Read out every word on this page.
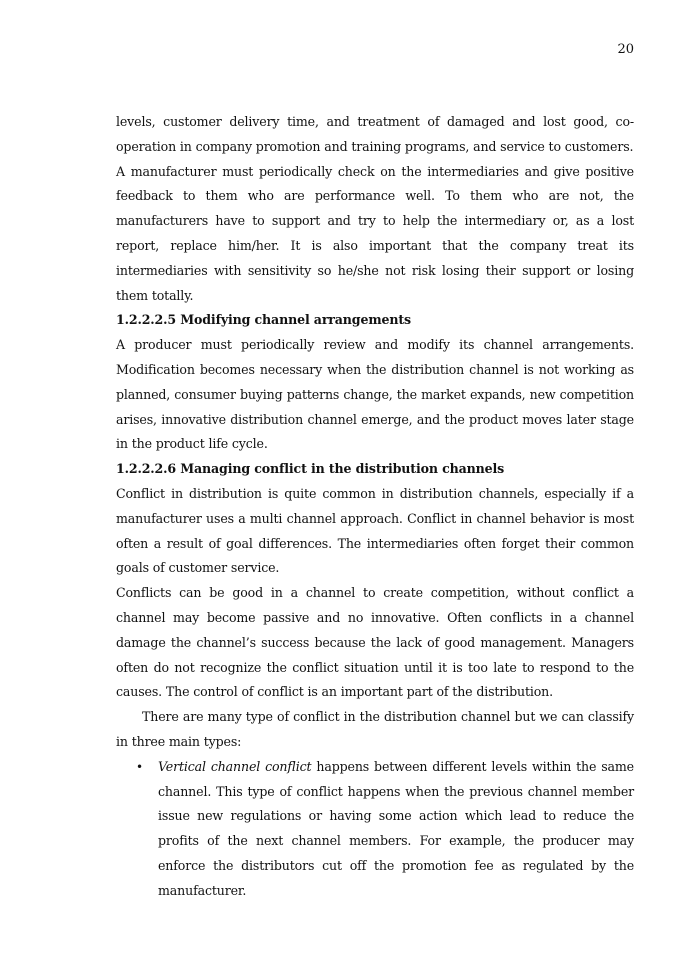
20

levels, customer delivery time, and treatment of damaged and lost good, co-operation in company promotion and training programs, and service to customers.

A manufacturer must periodically check on the intermediaries and give positive feedback to them who are performance well. To them who are not, the manufacturers have to support and try to help the intermediary or, as a lost report, replace him/her. It is also important that the company treat its intermediaries with sensitivity so he/she not risk losing their support or losing them totally.

1.2.2.2.5 Modifying channel arrangements

A producer must periodically review and modify its channel arrangements. Modification becomes necessary when the distribution channel is not working as planned, consumer buying patterns change, the market expands, new competition arises, innovative distribution channel emerge, and the product moves later stage in the product life cycle.

1.2.2.2.6 Managing conflict in the distribution channels

Conflict in distribution is quite common in distribution channels, especially if a manufacturer uses a multi channel approach. Conflict in channel behavior is most often a result of goal differences. The intermediaries often forget their common goals of customer service.

Conflicts can be good in a channel to create competition, without conflict a channel may become passive and no innovative. Often conflicts in a channel damage the channel’s success because the lack of good management. Managers often do not recognize the conflict situation until it is too late to respond to the causes. The control of conflict is an important part of the distribution.

There are many type of conflict in the distribution channel but we can classify in three main types:

• Vertical channel conflict happens between different levels within the same channel. This type of conflict happens when the previous channel member issue new regulations or having some action which lead to reduce the profits of the next channel members. For example, the producer may enforce the distributors cut off the promotion fee as regulated by the manufacturer.
